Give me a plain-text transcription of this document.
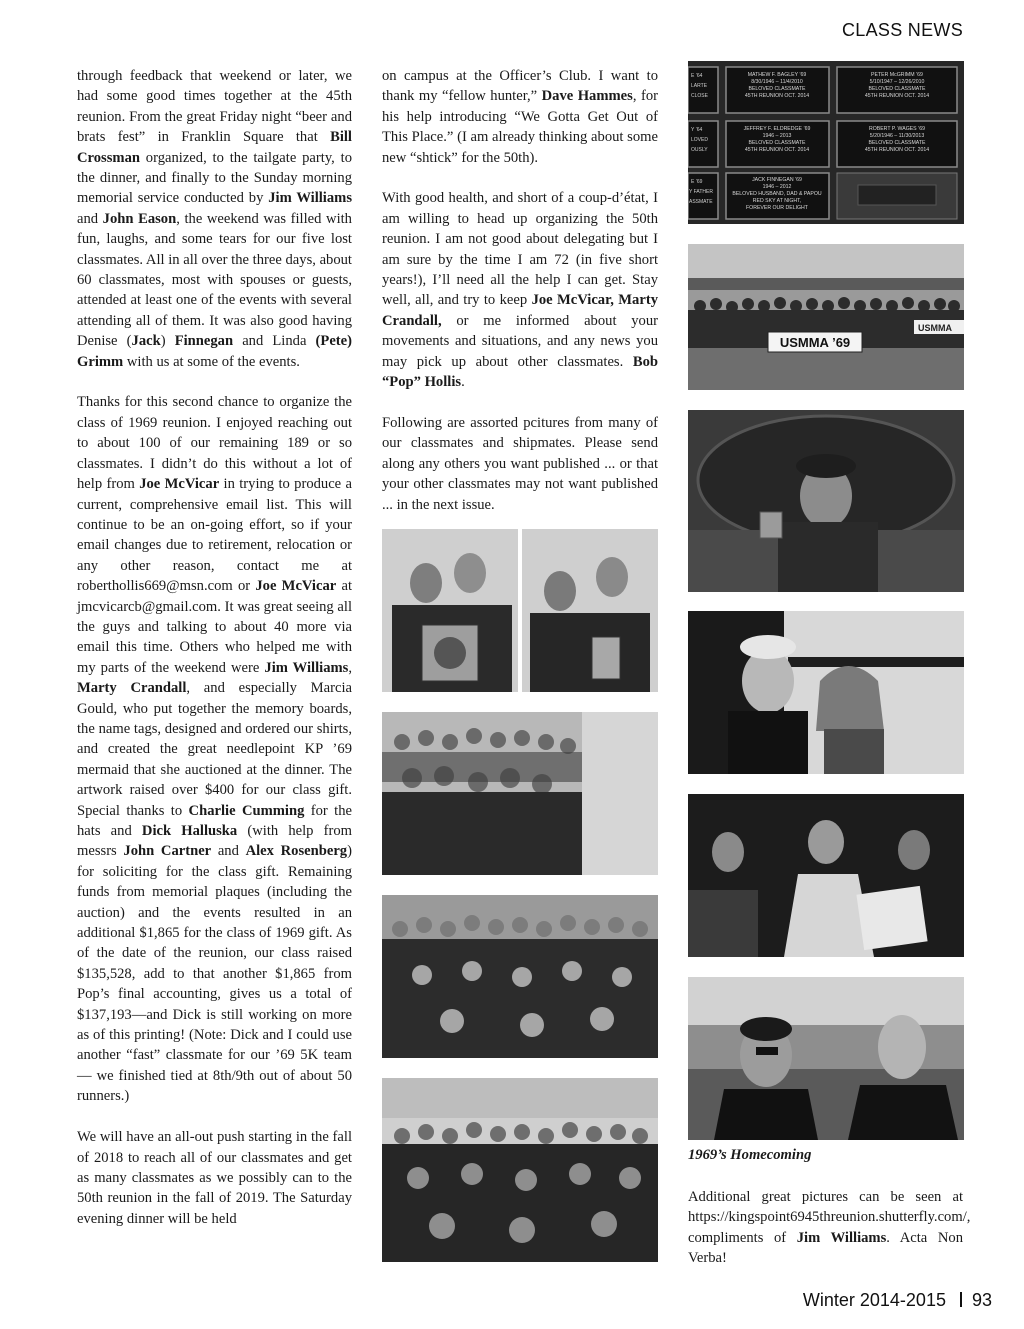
CLASS NEWS

through feedback that weekend or later, we had some good times together at the 45th reunion. From the great Friday night “beer and brats fest” in Franklin Square that Bill Crossman organized, to the tailgate party, to the dinner, and finally to the Sunday morning memorial service conducted by Jim Williams and John Eason, the weekend was filled with fun, laughs, and some tears for our five lost classmates. All in all over the three days, about 60 classmates, most with spouses or guests, attended at least one of the events with several attending all of them. It was also good having Denise (Jack) Finnegan and Linda (Pete) Grimm with us at some of the events.

Thanks for this second chance to organize the class of 1969 reunion. I enjoyed reaching out to about 100 of our remaining 189 or so classmates. I didn’t do this without a lot of help from Joe McVicar in trying to produce a current, comprehensive email list. This will continue to be an on-going effort, so if your email changes due to retirement, relocation or any other reason, contact me at roberthollis669@msn.com or Joe McVicar at jmcvicarcb@gmail.com. It was great seeing all the guys and talking to about 40 more via email this time. Others who helped me with my parts of the weekend were Jim Williams, Marty Crandall, and especially Marcia Gould, who put together the memory boards, the name tags, designed and ordered our shirts, and created the great needlepoint KP ’69 mermaid that she auctioned at the dinner. The artwork raised over $400 for our class gift. Special thanks to Charlie Cumming for the hats and Dick Halluska (with help from messrs John Cartner and Alex Rosenberg) for soliciting for the class gift. Remaining funds from memorial plaques (including the auction) and the events resulted in an additional $1,865 for the class of 1969 gift. As of the date of the reunion, our class raised $135,528, add to that another $1,865 from Pop’s final accounting, gives us a total of $137,193—and Dick is still working on more as of this printing! (Note: Dick and I could use another “fast” classmate for our ’69 5K team — we finished tied at 8th/9th out of about 50 runners.)

We will have an all-out push starting in the fall of 2018 to reach all of our classmates and get as many classmates as we possibly can to the 50th reunion in the fall of 2019. The Saturday evening dinner will be held

on campus at the Officer’s Club. I want to thank my “fellow hunter,” Dave Hammes, for his help introducing “We Gotta Get Out of This Place.” (I am already thinking about some new “shtick” for the 50th).

With good health, and short of a coup-d’état, I am willing to head up organizing the 50th reunion. I am not good about delegating but I am sure by the time I am 72 (in five short years!), I’ll need all the help I can get. Stay well, all, and try to keep Joe McVicar, Marty Crandall, or me informed about your movements and situations, and any news you may pick up about other classmates. Bob “Pop” Hollis.

Following are assorted pcitures from many of our classmates and shipmates. Please send along any others you want published ... or that your other classmates may not want published ... in the next issue.

MATHEW F. BAGLEY ’69 8/30/1946 – 11/4/2010 BELOVED CLASSMATE 45TH REUNION OCT. 2014
PETER McGRIMM ’69 5/10/1947 – 12/26/2010 BELOVED CLASSMATE 45TH REUNION OCT. 2014
JEFFREY F. ELDREDGE ’69 1946 – 2013 BELOVED CLASSMATE 45TH REUNION OCT. 2014
ROBERT P. WAGES ’69 5/20/1946 – 11/30/2013 BELOVED CLASSMATE 45TH REUNION OCT. 2014
JACK FINNEGAN ’69 1946 – 2012 BELOVED HUSBAND, DAD & PAPOU RED SKY AT NIGHT, FOREVER OUR DELIGHT
E ’64
LARTE
CLOSE
Y ’64
LOVED
OUSLY
E ’69
Y FATHER
ASSMATE
USMMA ’69
USMMA
1969’s Homecoming
Additional great pictures can be seen at https://kingspoint6945threunion.shutterfly.com/, compliments of Jim Williams. Acta Non Verba!
Winter 2014-2015 93
